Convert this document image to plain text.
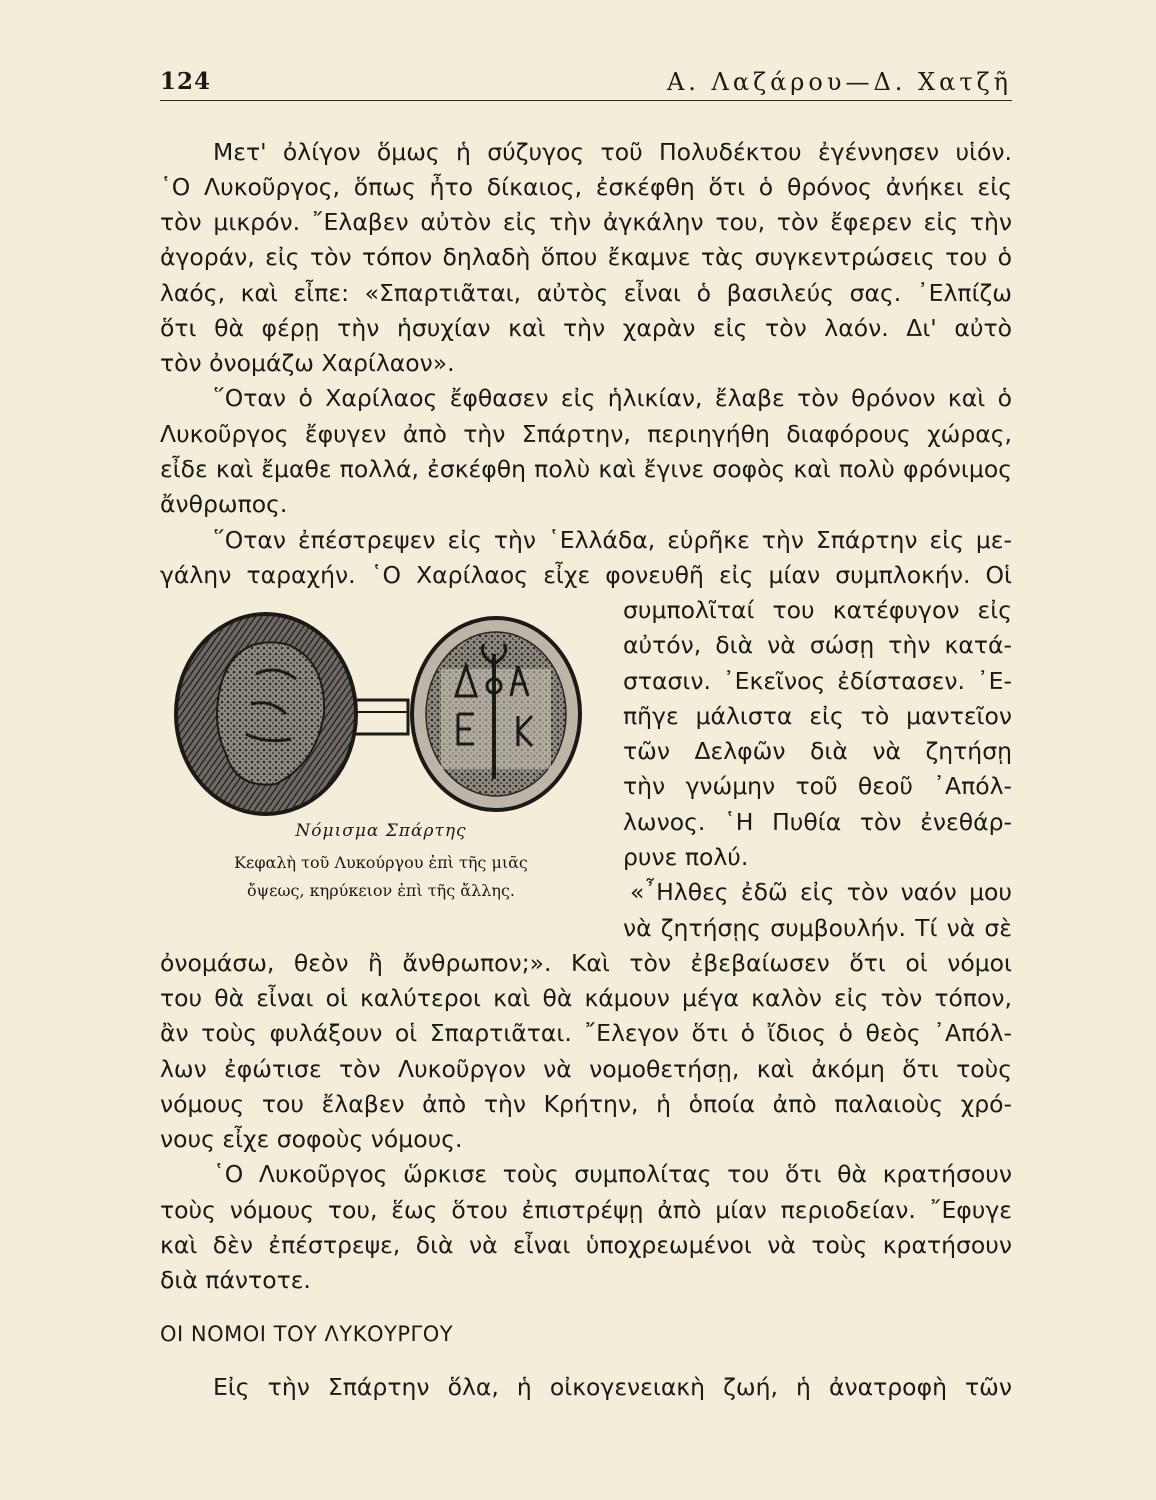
124	Α. Λαζάρου—Δ. Χατζῆ
Μετ' ὀλίγον ὅμως ἡ σύζυγος τοῦ Πολυδέκτου ἐγέννησεν υἱόν.
῾Ο Λυκοῦργος, ὅπως ἦτο δίκαιος, ἐσκέφθη ὅτι ὁ θρόνος ἀνήκει εἰς
τὸν μικρόν. ῎Ελαβεν αὐτὸν εἰς τὴν ἀγκάλην του, τὸν ἔφερεν εἰς τὴν
ἀγοράν, εἰς τὸν τόπον δηλαδὴ ὅπου ἔκαμνε τὰς συγκεντρώσεις του ὁ
λαός, καὶ εἶπε: «Σπαρτιᾶται, αὐτὸς εἶναι ὁ βασιλεύς σας. ᾽Ελπίζω
ὅτι θὰ φέρῃ τὴν ἡσυχίαν καὶ τὴν χαρὰν εἰς τὸν λαόν. Δι' αὐτὸ
τὸν ὀνομάζω Χαρίλαον».
῞Οταν ὁ Χαρίλαος ἔφθασεν εἰς ἡλικίαν, ἔλαβε τὸν θρόνον καὶ ὁ
Λυκοῦργος ἔφυγεν ἀπὸ τὴν Σπάρτην, περιηγήθη διαφόρους χώρας,
εἶδε καὶ ἔμαθε πολλά, ἐσκέφθη πολὺ καὶ ἔγινε σοφὸς καὶ πολὺ φρόνιμος
ἄνθρωπος.
῞Οταν ἐπέστρεψεν εἰς τὴν ῾Ελλάδα, εὑρῆκε τὴν Σπάρτην εἰς με-
γάλην ταραχήν. ῾Ο Χαρίλαος εἶχε φονευθῆ εἰς μίαν συμπλοκήν. Οἱ
συμπολῖταί του κατέφυγον εἰς
αὐτόν, διὰ νὰ σώσῃ τὴν κατά-
στασιν. ᾽Εκεῖνος ἐδίστασεν. ᾽Ε-
πῆγε μάλιστα εἰς τὸ μαντεῖον
τῶν Δελφῶν διὰ νὰ ζητήσῃ
τὴν γνώμην τοῦ θεοῦ ᾽Απόλ-
λωνος. ῾Η Πυθία τὸν ἐνεθάρ-
ρυνε πολύ.
«῏Ηλθες ἐδῶ εἰς τὸν ναόν μου
νὰ ζητήσῃς συμβουλήν. Τί νὰ σὲ
ὀνομάσω, θεὸν ἢ ἄνθρωπον;». Καὶ τὸν ἐβεβαίωσεν ὅτι οἱ νόμοι
του θὰ εἶναι οἱ καλύτεροι καὶ θὰ κάμουν μέγα καλὸν εἰς τὸν τόπον,
ἂν τοὺς φυλάξουν οἱ Σπαρτιᾶται. ῎Ελεγον ὅτι ὁ ἴδιος ὁ θεὸς ᾽Απόλ-
λων ἐφώτισε τὸν Λυκοῦργον νὰ νομοθετήσῃ, καὶ ἀκόμη ὅτι τοὺς
νόμους του ἔλαβεν ἀπὸ τὴν Κρήτην, ἡ ὁποία ἀπὸ παλαιοὺς χρό-
νους εἶχε σοφοὺς νόμους.
῾Ο Λυκοῦργος ὥρκισε τοὺς συμπολίτας του ὅτι θὰ κρατήσουν
τοὺς νόμους του, ἕως ὅτου ἐπιστρέψῃ ἀπὸ μίαν περιοδείαν. ῎Εφυγε
καὶ δὲν ἐπέστρεψε, διὰ νὰ εἶναι ὑποχρεωμένοι νὰ τοὺς κρατήσουν
διὰ πάντοτε.
ΟΙ ΝΟΜΟΙ ΤΟΥ ΛΥΚΟΥΡΓΟΥ
Εἰς τὴν Σπάρτην ὅλα, ἡ οἰκογενειακὴ ζωή, ἡ ἀνατροφὴ τῶν
Νόμισμα Σπάρτης
Κεφαλὴ τοῦ Λυκούργου ἐπὶ τῆς μιᾶς
ὄψεως, κηρύκειον ἐπὶ τῆς ἄλλης.
